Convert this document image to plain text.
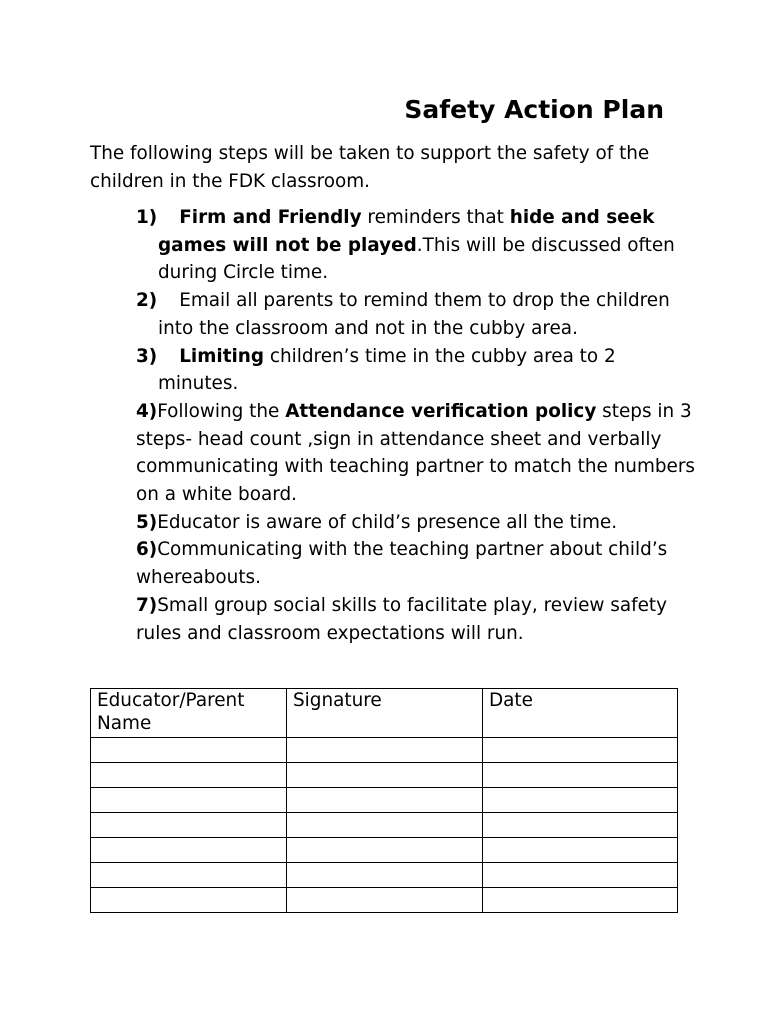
Safety Action Plan
The following steps will be taken to support the safety of the children in the FDK classroom.

1) Firm and Friendly reminders that hide and seek games will not be played.This will be discussed often during Circle time.

2) Email all parents to remind them to drop the children into the classroom and not in the cubby area.

3) Limiting children’s time in the cubby area to 2 minutes.

4)Following the Attendance verification policy steps in 3 steps- head count ,sign in attendance sheet and verbally communicating with teaching partner to match the numbers on a white board.

5)Educator is aware of child’s presence all the time.

6)Communicating with the teaching partner about child’s whereabouts.

7)Small group social skills to facilitate play, review safety rules and classroom expectations will run.

Educator/Parent Name	Signature	Date
